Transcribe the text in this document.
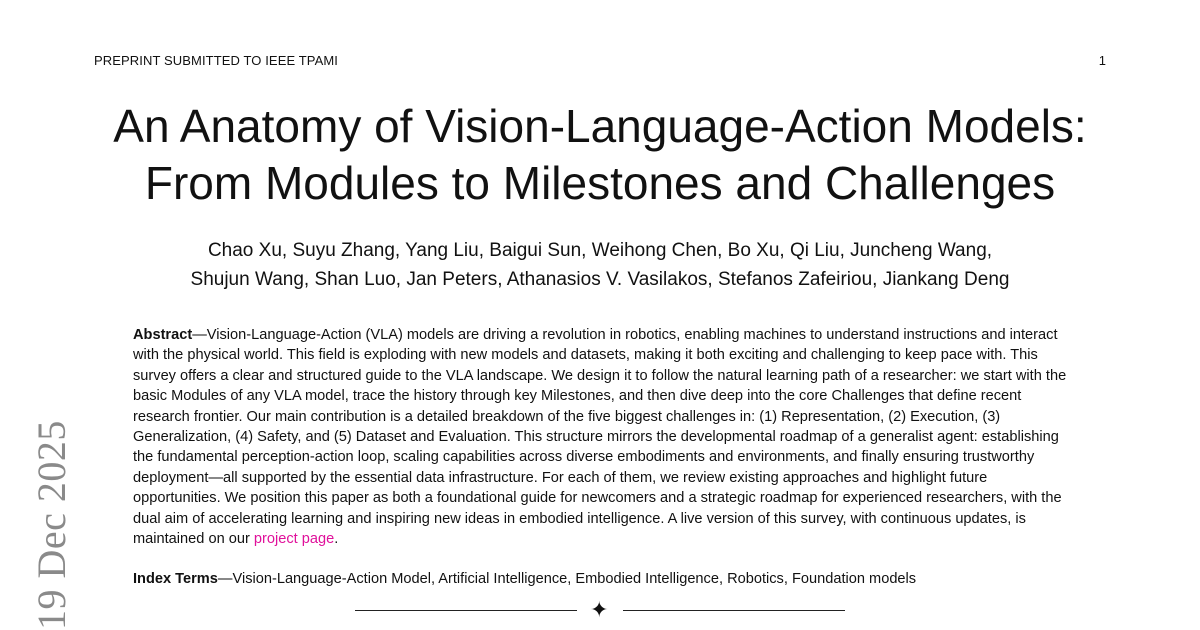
PREPRINT SUBMITTED TO IEEE TPAMI	1
An Anatomy of Vision-Language-Action Models:
From Modules to Milestones and Challenges
Chao Xu, Suyu Zhang, Yang Liu, Baigui Sun, Weihong Chen, Bo Xu, Qi Liu, Juncheng Wang,
Shujun Wang, Shan Luo, Jan Peters, Athanasios V. Vasilakos, Stefanos Zafeiriou, Jiankang Deng
Abstract—Vision-Language-Action (VLA) models are driving a revolution in robotics, enabling machines to understand instructions and interact with the physical world. This field is exploding with new models and datasets, making it both exciting and challenging to keep pace with. This survey offers a clear and structured guide to the VLA landscape. We design it to follow the natural learning path of a researcher: we start with the basic Modules of any VLA model, trace the history through key Milestones, and then dive deep into the core Challenges that define recent research frontier. Our main contribution is a detailed breakdown of the five biggest challenges in: (1) Representation, (2) Execution, (3) Generalization, (4) Safety, and (5) Dataset and Evaluation. This structure mirrors the developmental roadmap of a generalist agent: establishing the fundamental perception-action loop, scaling capabilities across diverse embodiments and environments, and finally ensuring trustworthy deployment—all supported by the essential data infrastructure. For each of them, we review existing approaches and highlight future opportunities. We position this paper as both a foundational guide for newcomers and a strategic roadmap for experienced researchers, with the dual aim of accelerating learning and inspiring new ideas in embodied intelligence. A live version of this survey, with continuous updates, is maintained on our project page.
Index Terms—Vision-Language-Action Model, Artificial Intelligence, Embodied Intelligence, Robotics, Foundation models
✦
19 Dec 2025
